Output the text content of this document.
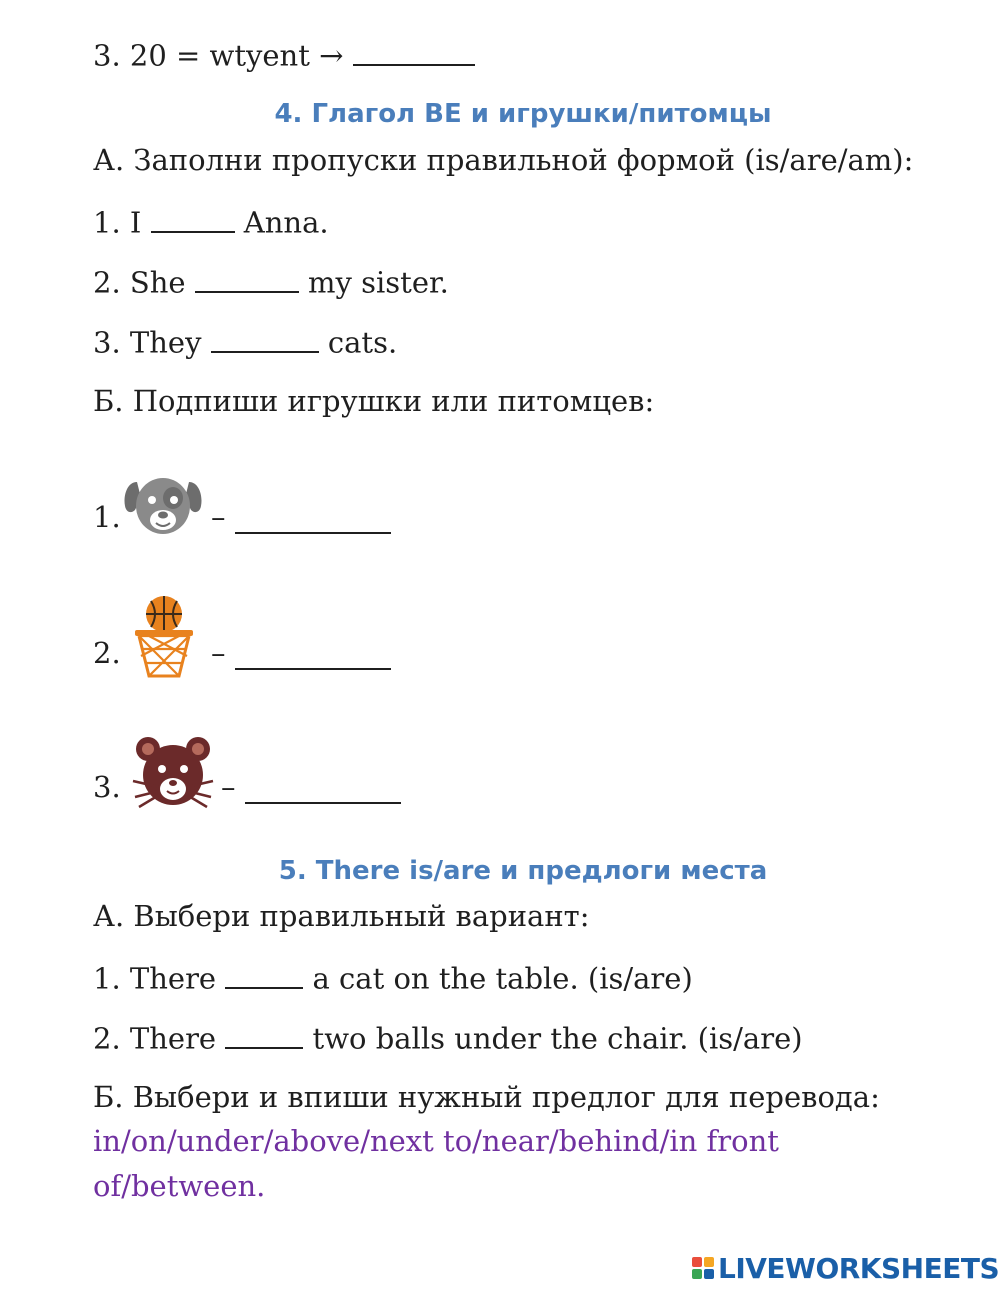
3. 20 = wtyent →
4. Глагол BE и игрушки/питомцы
А. Заполни пропуски правильной формой (is/are/am):
1. I	Anna.
2. She	my sister.
3. They	cats.
Б. Подпиши игрушки или питомцев:
1.	–
2.	–
3.	–
5. There is/are и предлоги места
А. Выбери правильный вариант:
1. There	a cat on the table. (is/are)
2. There	two balls under the chair. (is/are)
Б. Выбери и впиши нужный предлог для перевода:
in/on/under/above/next to/near/behind/in front
of/between.
LIVEWORKSHEETS
